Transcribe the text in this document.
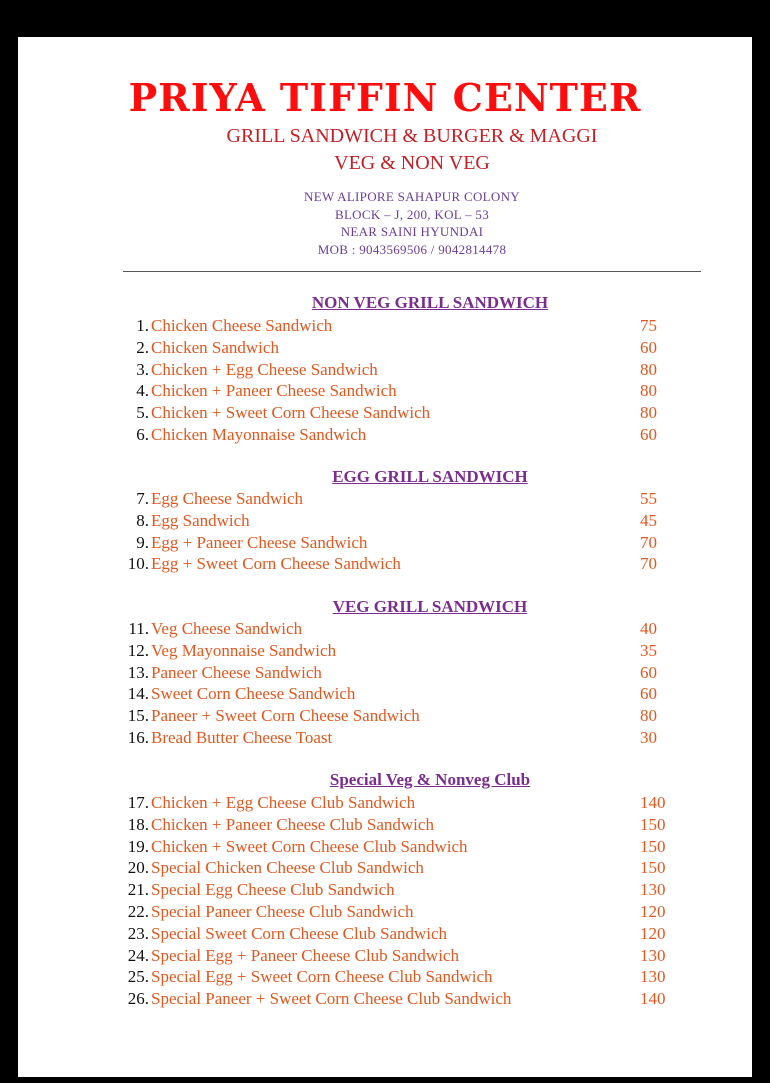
PRIYA TIFFIN CENTER
GRILL SANDWICH & BURGER & MAGGI
VEG & NON VEG
NEW ALIPORE SAHAPUR COLONY
BLOCK – J, 200, KOL – 53
NEAR SAINI HYUNDAI
MOB : 9043569506 / 9042814478
NON VEG GRILL SANDWICH
1. Chicken Cheese Sandwich	75
2. Chicken Sandwich	60
3. Chicken + Egg Cheese Sandwich	80
4. Chicken + Paneer Cheese Sandwich	80
5. Chicken + Sweet Corn Cheese Sandwich	80
6. Chicken Mayonnaise Sandwich	60
EGG GRILL SANDWICH
7. Egg Cheese Sandwich	55
8. Egg Sandwich	45
9. Egg + Paneer Cheese Sandwich	70
10. Egg + Sweet Corn Cheese Sandwich	70
VEG GRILL SANDWICH
11. Veg Cheese Sandwich	40
12. Veg Mayonnaise Sandwich	35
13. Paneer Cheese Sandwich	60
14. Sweet Corn Cheese Sandwich	60
15. Paneer + Sweet Corn Cheese Sandwich	80
16. Bread Butter Cheese Toast	30
Special Veg & Nonveg Club
17. Chicken + Egg Cheese Club Sandwich	140
18. Chicken + Paneer Cheese Club Sandwich	150
19. Chicken + Sweet Corn Cheese Club Sandwich	150
20. Special Chicken Cheese Club Sandwich	150
21. Special Egg Cheese Club Sandwich	130
22. Special Paneer Cheese Club Sandwich	120
23. Special Sweet Corn Cheese Club Sandwich	120
24. Special Egg + Paneer Cheese Club Sandwich	130
25. Special Egg + Sweet Corn Cheese Club Sandwich	130
26. Special Paneer + Sweet Corn Cheese Club Sandwich	140
